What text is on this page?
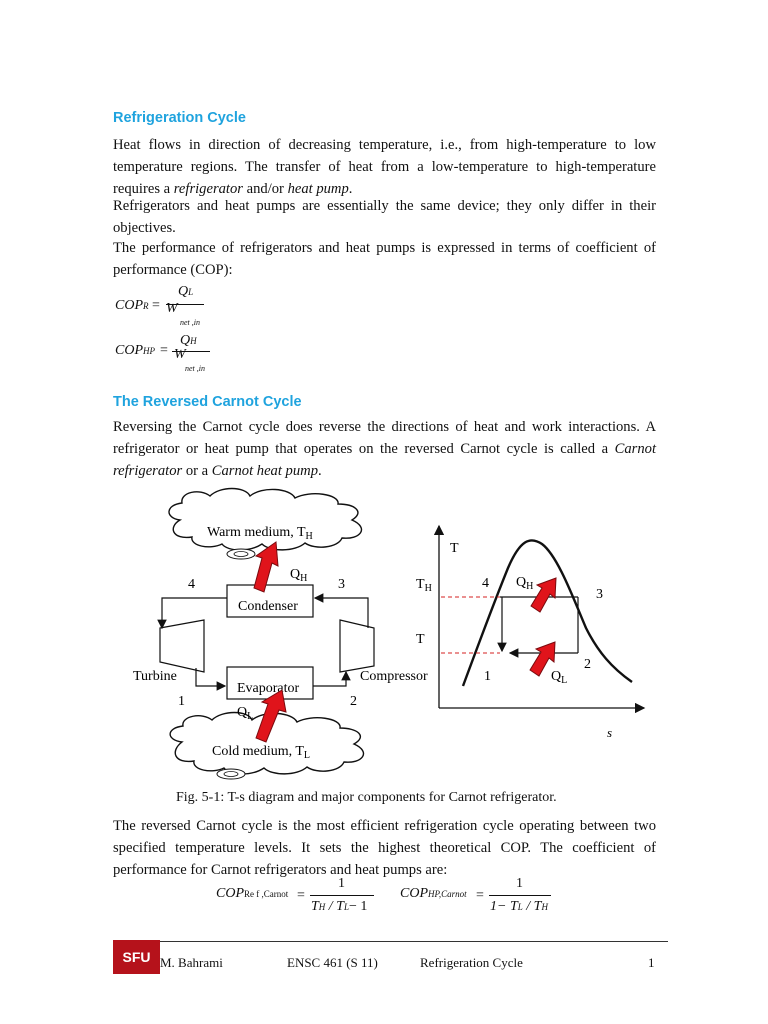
Refrigeration Cycle

Heat flows in direction of decreasing temperature, i.e., from high-temperature to low temperature regions. The transfer of heat from a low-temperature to high-temperature requires a refrigerator and/or heat pump.

Refrigerators and heat pumps are essentially the same device; they only differ in their objectives.

The performance of refrigerators and heat pumps is expressed in terms of coefficient of performance (COP):

COPR =
QL
W
net ,in
COPHP =
QH
W
net ,in
The Reversed Carnot Cycle

Reversing the Carnot cycle does reverse the directions of heat and work interactions. A refrigerator or heat pump that operates on the reversed Carnot cycle is called a Carnot refrigerator or a Carnot heat pump.

Warm medium, $T_H$
Cold medium, $T_L$
Condenser
Evaporator
Turbine	Compressor
4	3
1	2
$Q_H$
$Q_L$
T
s
$T_H$
T
4
3
2
1
$Q_H$
$Q_L$
Fig. 5-1: T-s diagram and major components for Carnot refrigerator.

The reversed Carnot cycle is the most efficient refrigeration cycle operating between two specified temperature levels. It sets the highest theoretical COP. The coefficient of performance for Carnot refrigerators and heat pumps are:

COPRe f ,Carnot =
1
TH / TL− 1
COPHP,Carnot =
1
1− TL / TH
SFU M. Bahrami	ENSC 461 (S 11)	Refrigeration Cycle	1
